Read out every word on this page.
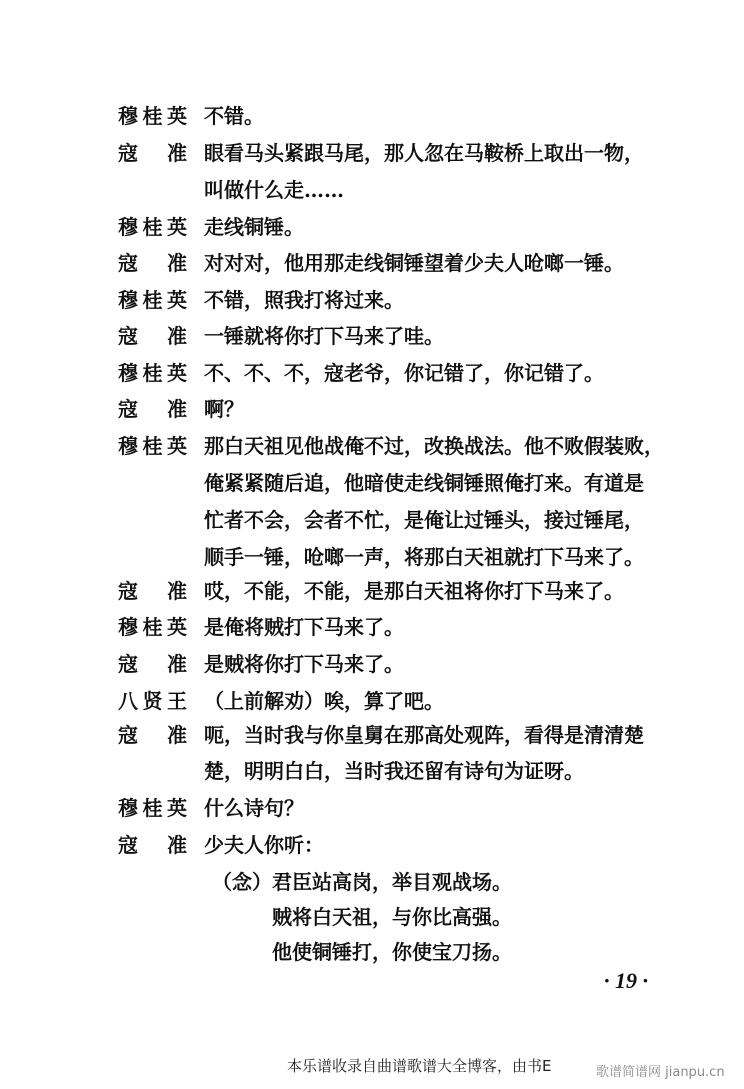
穆桂英 不错。
寇　准 眼看马头紧跟马尾，那人忽在马鞍桥上取出一物，
叫做什么走……
穆桂英 走线铜锤。
寇　准 对对对，他用那走线铜锤望着少夫人呛啷一锤。
穆桂英 不错，照我打将过来。
寇　准 一锤就将你打下马来了哇。
穆桂英 不、不、不，寇老爷，你记错了，你记错了。
寇　准 啊？
穆桂英 那白天祖见他战俺不过，改换战法。他不败假装败，
俺紧紧随后追，他暗使走线铜锤照俺打来。有道是
忙者不会，会者不忙，是俺让过锤头，接过锤尾，
顺手一锤，呛啷一声，将那白天祖就打下马来了。
寇　准 哎，不能，不能，是那白天祖将你打下马来了。
穆桂英 是俺将贼打下马来了。
寇　准 是贼将你打下马来了。
八贤王 （上前解劝）唉，算了吧。
寇　准 呃，当时我与你皇舅在那高处观阵，看得是清清楚
楚，明明白白，当时我还留有诗句为证呀。
穆桂英 什么诗句？
寇　准 少夫人你听：
（念）君臣站高岗，举目观战场。
贼将白天祖，与你比高强。
他使铜锤打，你使宝刀扬。
· 19 ·
本乐谱收录自曲谱歌谱大全博客，由书E	歌谱简谱网 jianpu.cn
